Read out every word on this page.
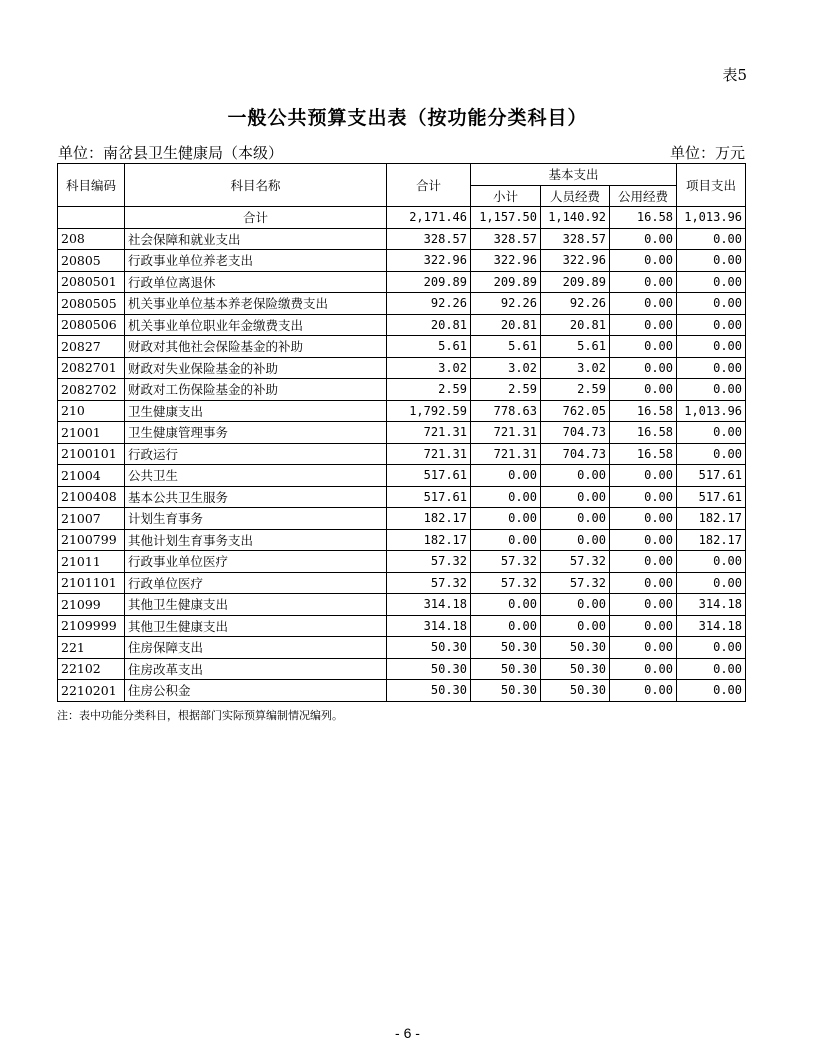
表5
一般公共预算支出表（按功能分类科目）
单位：南岔县卫生健康局（本级）	单位：万元
科目编码	科目名称	合计	基本支出			项目支出
			小计	人员经费	公用经费	
	合计	2,171.46	1,157.50	1,140.92	16.58	1,013.96
208	社会保障和就业支出	328.57	328.57	328.57	0.00	0.00
20805	行政事业单位养老支出	322.96	322.96	322.96	0.00	0.00
2080501	行政单位离退休	209.89	209.89	209.89	0.00	0.00
2080505	机关事业单位基本养老保险缴费支出	92.26	92.26	92.26	0.00	0.00
2080506	机关事业单位职业年金缴费支出	20.81	20.81	20.81	0.00	0.00
20827	财政对其他社会保险基金的补助	5.61	5.61	5.61	0.00	0.00
2082701	财政对失业保险基金的补助	3.02	3.02	3.02	0.00	0.00
2082702	财政对工伤保险基金的补助	2.59	2.59	2.59	0.00	0.00
210	卫生健康支出	1,792.59	778.63	762.05	16.58	1,013.96
21001	卫生健康管理事务	721.31	721.31	704.73	16.58	0.00
2100101	行政运行	721.31	721.31	704.73	16.58	0.00
21004	公共卫生	517.61	0.00	0.00	0.00	517.61
2100408	基本公共卫生服务	517.61	0.00	0.00	0.00	517.61
21007	计划生育事务	182.17	0.00	0.00	0.00	182.17
2100799	其他计划生育事务支出	182.17	0.00	0.00	0.00	182.17
21011	行政事业单位医疗	57.32	57.32	57.32	0.00	0.00
2101101	行政单位医疗	57.32	57.32	57.32	0.00	0.00
21099	其他卫生健康支出	314.18	0.00	0.00	0.00	314.18
2109999	其他卫生健康支出	314.18	0.00	0.00	0.00	314.18
221	住房保障支出	50.30	50.30	50.30	0.00	0.00
22102	住房改革支出	50.30	50.30	50.30	0.00	0.00
2210201	住房公积金	50.30	50.30	50.30	0.00	0.00
注：表中功能分类科目，根据部门实际预算编制情况编列。
- 6 -
